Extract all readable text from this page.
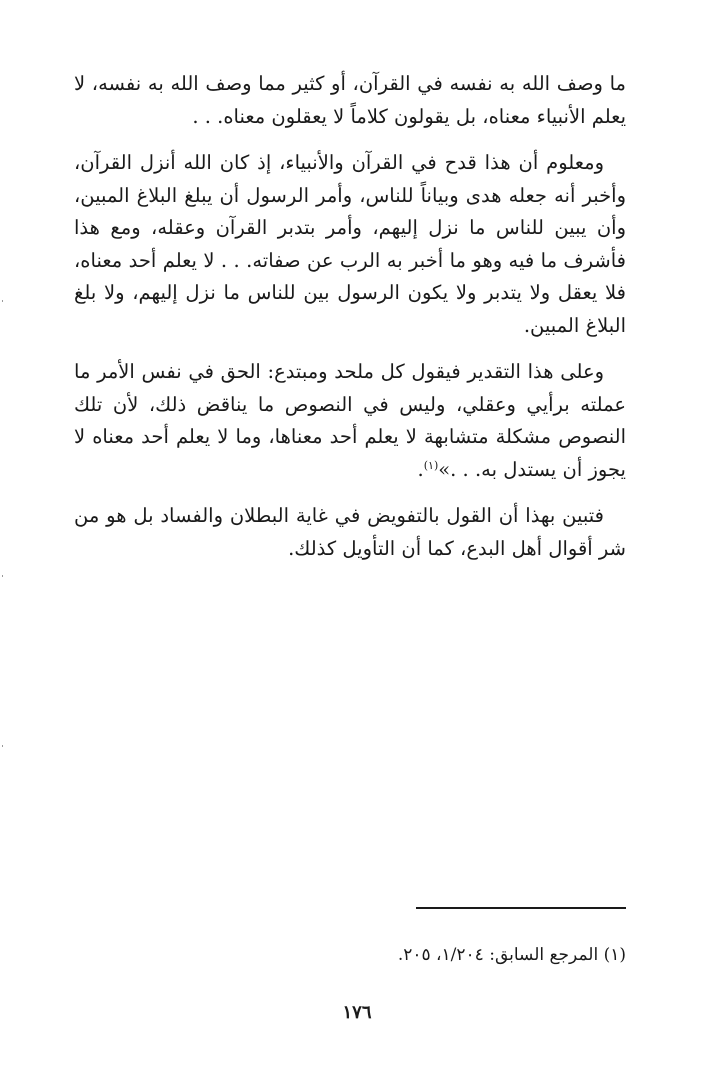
ما وصف الله به نفسه في القرآن، أو كثير مما وصف الله به نفسه، لا يعلم الأنبياء معناه، بل يقولون كلاماً لا يعقلون معناه. . .

ومعلوم أن هذا قدح في القرآن والأنبياء، إذ كان الله أنزل القرآن، وأخبر أنه جعله هدى وبياناً للناس، وأمر الرسول أن يبلغ البلاغ المبين، وأن يبين للناس ما نزل إليهم، وأمر بتدبر القرآن وعقله، ومع هذا فأشرف ما فيه وهو ما أخبر به الرب عن صفاته. . . لا يعلم أحد معناه، فلا يعقل ولا يتدبر ولا يكون الرسول بين للناس ما نزل إليهم، ولا بلغ البلاغ المبين.

وعلى هذا التقدير فيقول كل ملحد ومبتدع: الحق في نفس الأمر ما عملته برأيي وعقلي، وليس في النصوص ما يناقض ذلك، لأن تلك النصوص مشكلة متشابهة لا يعلم أحد معناها، وما لا يعلم أحد معناه لا يجوز أن يستدل به. . .»$^{(١)}$.

فتبين بهذا أن القول بالتفويض في غاية البطلان والفساد بل هو من شر أقوال أهل البدع، كما أن التأويل كذلك.

(١) المرجع السابق: ١/٢٠٤، ٢٠٥.
١٧٦
